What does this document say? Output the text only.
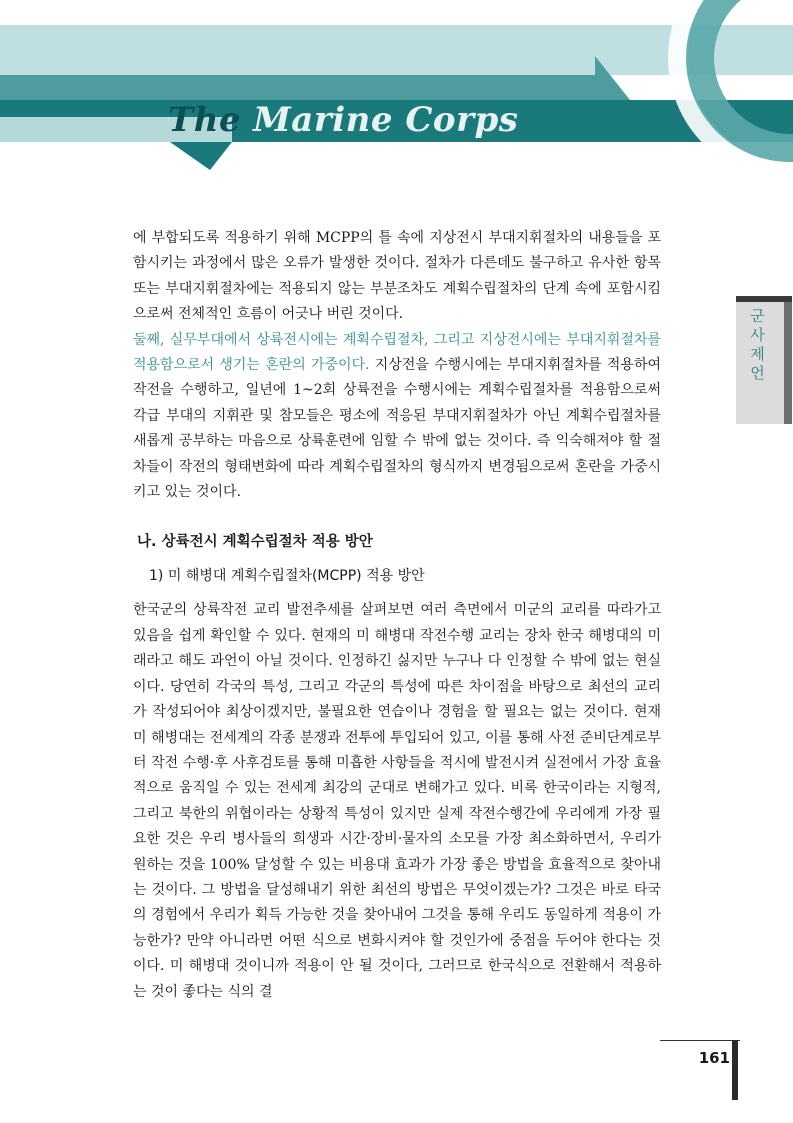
The Marine Corps
군사제언

에 부합되도록 적용하기 위해 MCPP의 틀 속에 지상전시 부대지휘절차의 내용들을 포함시키는 과정에서 많은 오류가 발생한 것이다. 절차가 다른데도 불구하고 유사한 항목 또는 부대지휘절차에는 적용되지 않는 부분조차도 계획수립절차의 단계 속에 포함시킴으로써 전체적인 흐름이 어긋나 버린 것이다.

둘째, 실무부대에서 상륙전시에는 계획수립절차, 그리고 지상전시에는 부대지휘절차를 적용함으로서 생기는 혼란의 가중이다. 지상전을 수행시에는 부대지휘절차를 적용하여 작전을 수행하고, 일년에 1~2회 상륙전을 수행시에는 계획수립절차를 적용함으로써 각급 부대의 지휘관 및 참모들은 평소에 적응된 부대지휘절차가 아닌 계획수립절차를 새롭게 공부하는 마음으로 상륙훈련에 임할 수 밖에 없는 것이다. 즉 익숙해져야 할 절차들이 작전의 형태변화에 따라 계획수립절차의 형식까지 변경됨으로써 혼란을 가중시키고 있는 것이다.

나. 상륙전시 계획수립절차 적용 방안
1) 미 해병대 계획수립절차(MCPP) 적용 방안

한국군의 상륙작전 교리 발전추세를 살펴보면 여러 측면에서 미군의 교리를 따라가고 있음을 쉽게 확인할 수 있다. 현재의 미 해병대 작전수행 교리는 장차 한국 해병대의 미래라고 해도 과언이 아닐 것이다. 인정하긴 싫지만 누구나 다 인정할 수 밖에 없는 현실이다. 당연히 각국의 특성, 그리고 각군의 특성에 따른 차이점을 바탕으로 최선의 교리가 작성되어야 최상이겠지만, 불필요한 연습이나 경험을 할 필요는 없는 것이다. 현재 미 해병대는 전세계의 각종 분쟁과 전투에 투입되어 있고, 이를 통해 사전 준비단계로부터 작전 수행·후 사후검토를 통해 미흡한 사항들을 적시에 발전시켜 실전에서 가장 효율적으로 움직일 수 있는 전세계 최강의 군대로 변해가고 있다. 비록 한국이라는 지형적, 그리고 북한의 위협이라는 상황적 특성이 있지만 실제 작전수행간에 우리에게 가장 필요한 것은 우리 병사들의 희생과 시간·장비·물자의 소모를 가장 최소화하면서, 우리가 원하는 것을 100% 달성할 수 있는 비용대 효과가 가장 좋은 방법을 효율적으로 찾아내는 것이다. 그 방법을 달성해내기 위한 최선의 방법은 무엇이겠는가? 그것은 바로 타국의 경험에서 우리가 획득 가능한 것을 찾아내어 그것을 통해 우리도 동일하게 적용이 가능한가? 만약 아니라면 어떤 식으로 변화시켜야 할 것인가에 중점을 두어야 한다는 것이다. 미 해병대 것이니까 적용이 안 될 것이다, 그러므로 한국식으로 전환해서 적용하는 것이 좋다는 식의 결

161
